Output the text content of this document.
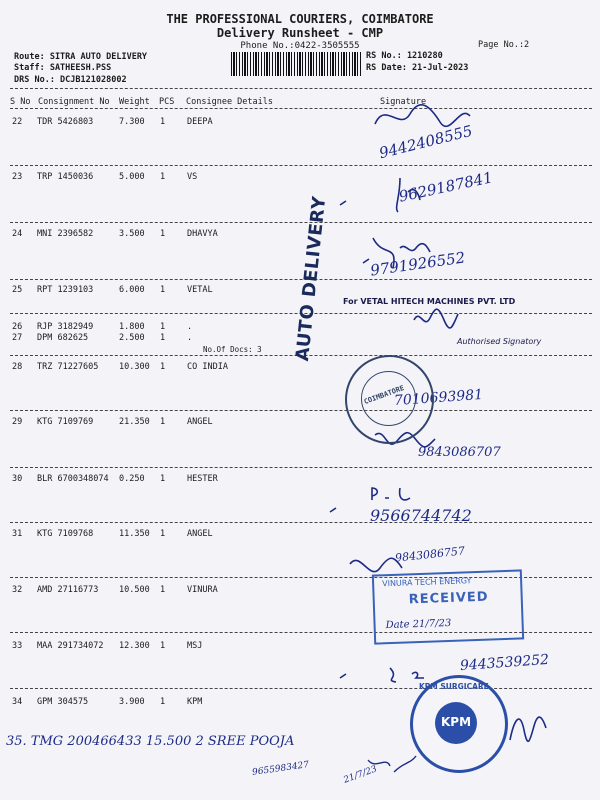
THE PROFESSIONAL COURIERS, COIMBATORE
Delivery Runsheet - CMP
Phone No.:0422-3505555	Page No.:2
Route: SITRA AUTO DELIVERY
Staff: SATHEESH.PSS
DRS No.: DCJB121028002
RS No.: 1210280
RS Date: 21-Jul-2023
S No Consignment No Weight PCS Consignee Details	Signature
22 TDR 5426803	7.300 1	DEEPA
23 TRP 1450036	5.000 1	VS
24 MNI 2396582	3.500 1	DHAVYA
25 RPT 1239103	6.000 1	VETAL
26 RJP 3182949	1.800 1	.
27 DPM 682625	2.500 1	.
28 TRZ 71227605 10.300 1	CO INDIA
29 KTG 7109769	21.350 1	ANGEL
30 BLR 6700348074 0.250 1	HESTER
31 KTG 7109768	11.350 1	ANGEL
32 AMD 27116773 10.500 1	VINURA
33 MAA 291734072 12.300 1	MSJ
34 GPM 304575	3.900 1	KPM
No.Of Docs: 3
9442408555
9629187841
9791926552
7010693981
9843086707
9566744742
9843086757
9443539252
35. TMG 200466433 15.500 2 SREE POOJA
9655983427	21/7/23
AUTO DELIVERY For VETAL HITECH MACHINES PVT. LTD
Authorised Signatory
COIMBATORE
VINURA TECH ENERGY
RECEIVED
Date 21/7/23
KPM SURGICARE
KPM
